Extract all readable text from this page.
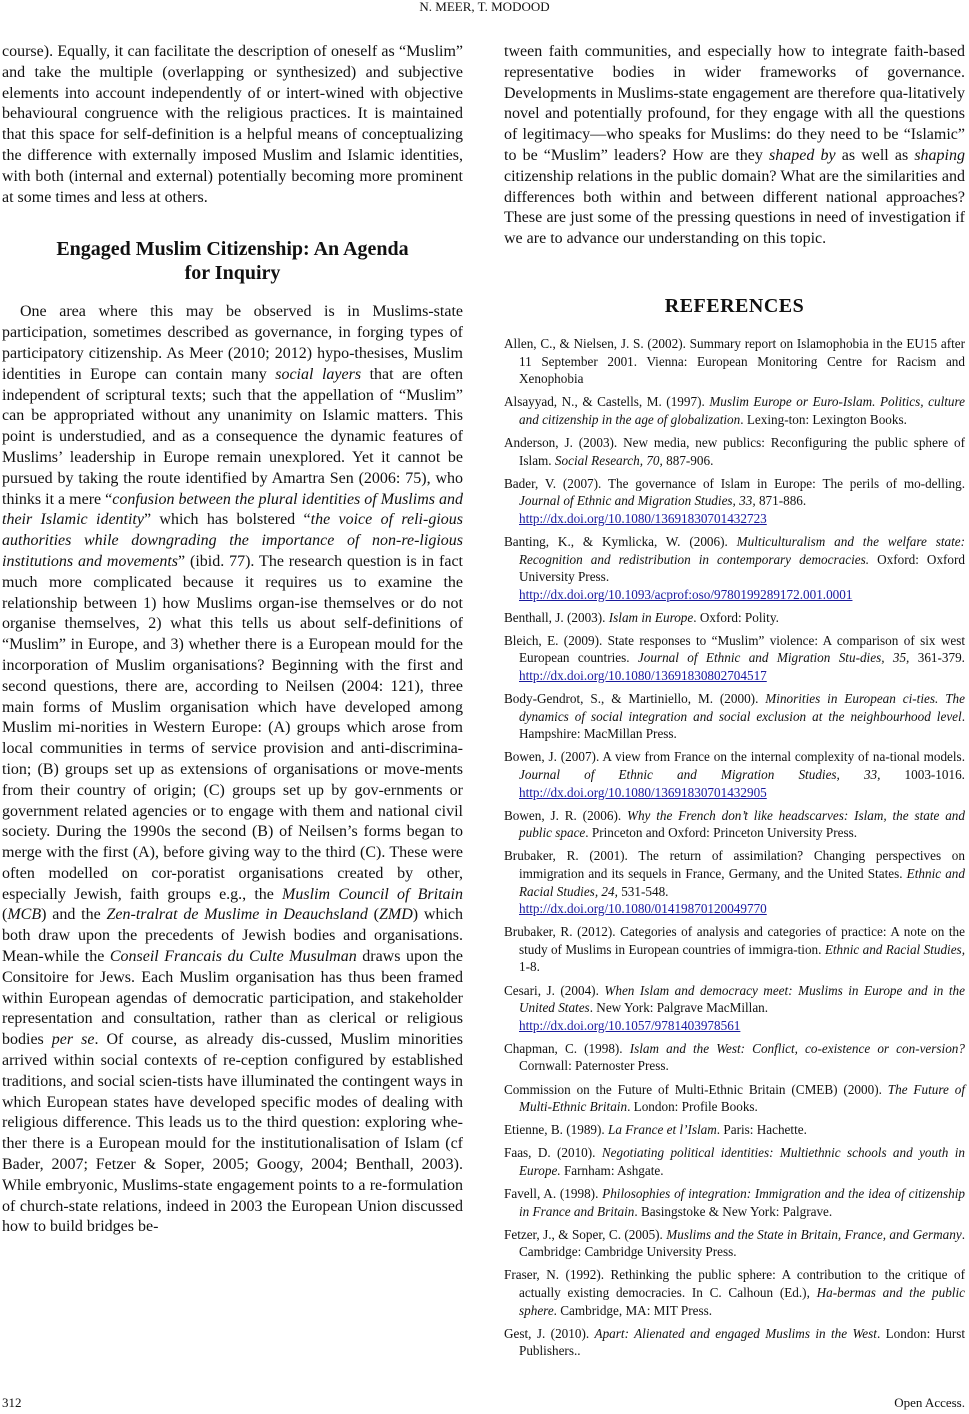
N. MEER, T. MODOOD

course). Equally, it can facilitate the description of oneself as “Muslim” and take the multiple (overlapping or synthesized) and subjective elements into account independently of or intert-wined with objective behavioural congruence with the religious practices. It is maintained that this space for self-definition is a helpful means of conceptualizing the difference with externally imposed Muslim and Islamic identities, with both (internal and external) potentially becoming more prominent at some times and less at others.

Engaged Muslim Citizenship: An Agenda
for Inquiry

One area where this may be observed is in Muslims-state participation, sometimes described as governance, in forging types of participatory citizenship. As Meer (2010; 2012) hypo-thesises, Muslim identities in Europe can contain many social layers that are often independent of scriptural texts; such that the appellation of “Muslim” can be appropriated without any unanimity on Islamic matters. This point is understudied, and as a consequence the dynamic features of Muslims’ leadership in Europe remain unexplored. Yet it cannot be pursued by taking the route identified by Amartra Sen (2006: 75), who thinks it a mere “confusion between the plural identities of Muslims and their Islamic identity” which has bolstered “the voice of reli-gious authorities while downgrading the importance of non-re-ligious institutions and movements” (ibid. 77). The research question is in fact much more complicated because it requires us to examine the relationship between 1) how Muslims organ-ise themselves or do not organise themselves, 2) what this tells us about self-definitions of “Muslim” in Europe, and 3) whether there is a European mould for the incorporation of Muslim organisations? Beginning with the first and second questions, there are, according to Neilsen (2004: 121), three main forms of Muslim organisation which have developed among Muslim mi-norities in Western Europe: (A) groups which arose from local communities in terms of service provision and anti-discrimina-tion; (B) groups set up as extensions of organisations or move-ments from their country of origin; (C) groups set up by gov-ernments or government related agencies or to engage with them and national civil society. During the 1990s the second (B) of Neilsen’s forms began to merge with the first (A), before giving way to the third (C). These were often modelled on cor-poratist organisations created by other, especially Jewish, faith groups e.g., the Muslim Council of Britain (MCB) and the Zen-tralrat de Muslime in Deauchsland (ZMD) which both draw upon the precedents of Jewish bodies and organisations. Mean-while the Conseil Francais du Culte Musulman draws upon the Consitoire for Jews. Each Muslim organisation has thus been framed within European agendas of democratic participation, and stakeholder representation and consultation, rather than as clerical or religious bodies per se. Of course, as already dis-cussed, Muslim minorities arrived within social contexts of re-ception configured by established traditions, and social scien-tists have illuminated the contingent ways in which European states have developed specific modes of dealing with religious difference. This leads us to the third question: exploring whe-ther there is a European mould for the institutionalisation of Islam (cf Bader, 2007; Fetzer & Soper, 2005; Googy, 2004; Benthall, 2003). While embryonic, Muslims-state engagement points to a re-formulation of church-state relations, indeed in 2003 the European Union discussed how to build bridges be-

tween faith communities, and especially how to integrate faith-based representative bodies in wider frameworks of governance. Developments in Muslims-state engagement are therefore qua-litatively novel and potentially profound, for they engage with all the questions of legitimacy—who speaks for Muslims: do they need to be “Islamic” to be “Muslim” leaders? How are they shaped by as well as shaping citizenship relations in the public domain? What are the similarities and differences both within and between different national approaches? These are just some of the pressing questions in need of investigation if we are to advance our understanding on this topic.

REFERENCES

Allen, C., & Nielsen, J. S. (2002). Summary report on Islamophobia in the EU15 after 11 September 2001. Vienna: European Monitoring Centre for Racism and Xenophobia

Alsayyad, N., & Castells, M. (1997). Muslim Europe or Euro-Islam. Politics, culture and citizenship in the age of globalization. Lexing-ton: Lexington Books.

Anderson, J. (2003). New media, new publics: Reconfiguring the public sphere of Islam. Social Research, 70, 887-906.

Bader, V. (2007). The governance of Islam in Europe: The perils of mo-delling. Journal of Ethnic and Migration Studies, 33, 871-886.
http://dx.doi.org/10.1080/13691830701432723

Banting, K., & Kymlicka, W. (2006). Multiculturalism and the welfare state: Recognition and redistribution in contemporary democracies. Oxford: Oxford University Press.
http://dx.doi.org/10.1093/acprof:oso/9780199289172.001.0001

Benthall, J. (2003). Islam in Europe. Oxford: Polity.

Bleich, E. (2009). State responses to “Muslim” violence: A comparison of six west European countries. Journal of Ethnic and Migration Stu-dies, 35, 361-379. http://dx.doi.org/10.1080/13691830802704517

Body-Gendrot, S., & Martiniello, M. (2000). Minorities in European ci-ties. The dynamics of social integration and social exclusion at the neighbourhood level. Hampshire: MacMillan Press.

Bowen, J. (2007). A view from France on the internal complexity of na-tional models. Journal of Ethnic and Migration Studies, 33, 1003-1016. http://dx.doi.org/10.1080/13691830701432905

Bowen, J. R. (2006). Why the French don’t like headscarves: Islam, the state and public space. Princeton and Oxford: Princeton University Press.

Brubaker, R. (2001). The return of assimilation? Changing perspectives on immigration and its sequels in France, Germany, and the United States. Ethnic and Racial Studies, 24, 531-548.
http://dx.doi.org/10.1080/01419870120049770

Brubaker, R. (2012). Categories of analysis and categories of practice: A note on the study of Muslims in European countries of immigra-tion. Ethnic and Racial Studies, 1-8.

Cesari, J. (2004). When Islam and democracy meet: Muslims in Europe and in the United States. New York: Palgrave MacMillan.
http://dx.doi.org/10.1057/9781403978561

Chapman, C. (1998). Islam and the West: Conflict, co-existence or con-version? Cornwall: Paternoster Press.

Commission on the Future of Multi-Ethnic Britain (CMEB) (2000). The Future of Multi-Ethnic Britain. London: Profile Books.

Etienne, B. (1989). La France et l’Islam. Paris: Hachette.

Faas, D. (2010). Negotiating political identities: Multiethnic schools and youth in Europe. Farnham: Ashgate.

Favell, A. (1998). Philosophies of integration: Immigration and the idea of citizenship in France and Britain. Basingstoke & New York: Palgrave.

Fetzer, J., & Soper, C. (2005). Muslims and the State in Britain, France, and Germany. Cambridge: Cambridge University Press.

Fraser, N. (1992). Rethinking the public sphere: A contribution to the critique of actually existing democracies. In C. Calhoun (Ed.), Ha-bermas and the public sphere. Cambridge, MA: MIT Press.

Gest, J. (2010). Apart: Alienated and engaged Muslims in the West. London: Hurst Publishers..

312	Open Access.
